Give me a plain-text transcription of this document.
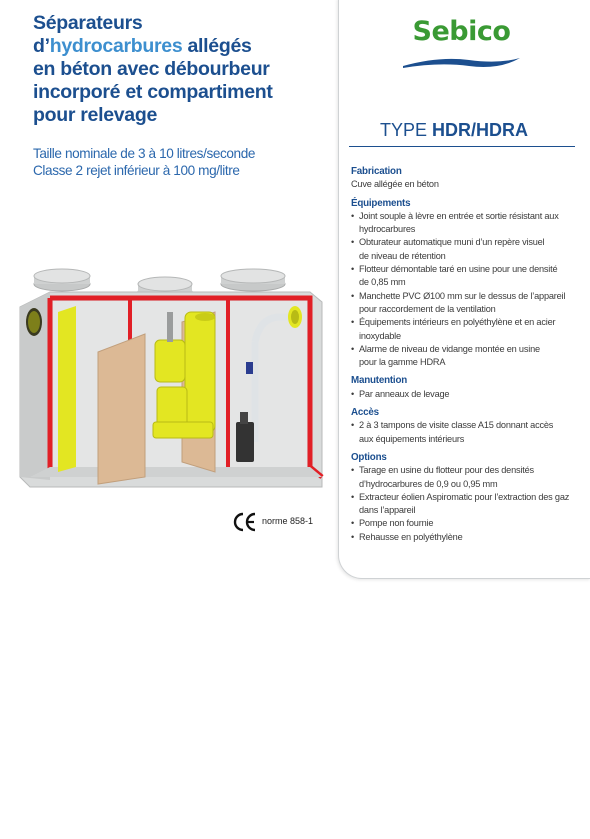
Séparateurs
d’hydrocarbures allégés
en béton avec débourbeur
incorporé et compartiment
pour relevage
Taille nominale de 3 à 10 litres/seconde
Classe 2 rejet inférieur à 100 mg/litre
norme 858-1
Sebico
TYPE HDR/HDRA
Fabrication
Cuve allégée en béton
Équipements
• Joint souple à lèvre en entrée et sortie résistant aux
hydrocarbures
• Obturateur automatique muni d’un repère visuel
de niveau de rétention
• Flotteur démontable taré en usine pour une densité
de 0,85 mm
• Manchette PVC Ø100 mm sur le dessus de l’appareil
pour raccordement de la ventilation
• Équipements intérieurs en polyéthylène et en acier
inoxydable
• Alarme de niveau de vidange montée en usine
pour la gamme HDRA
Manutention
• Par anneaux de levage
Accès
• 2 à 3 tampons de visite classe A15 donnant accès
aux équipements intérieurs
Options
• Tarage en usine du flotteur pour des densités
d’hydrocarbures de 0,9 ou 0,95 mm
• Extracteur éolien Aspiromatic pour l’extraction des gaz
dans l’appareil
• Pompe non fournie
• Rehausse en polyéthylène
